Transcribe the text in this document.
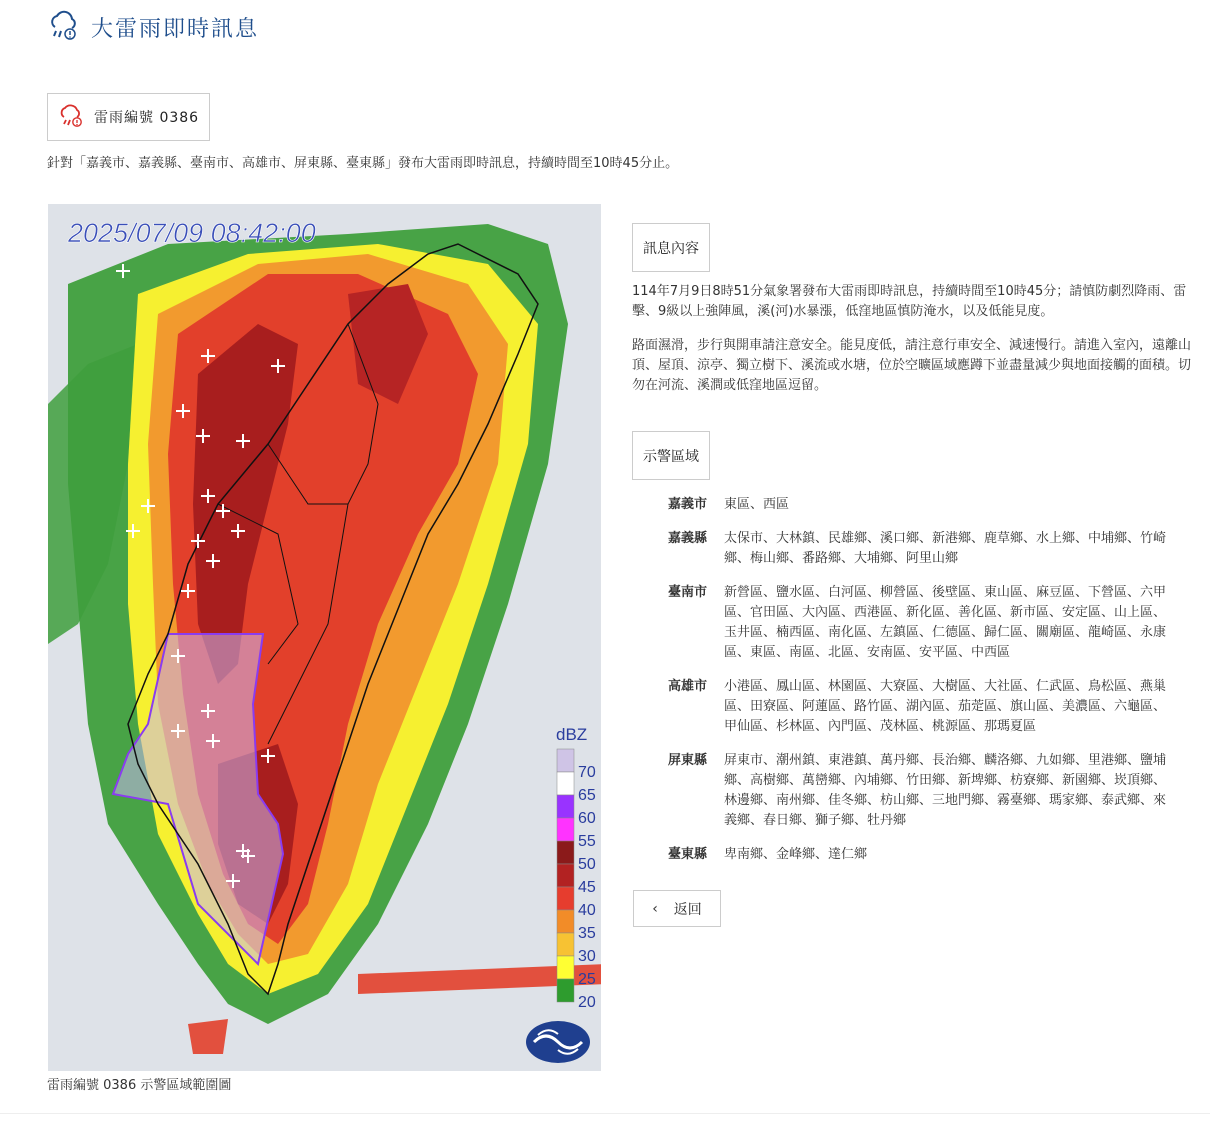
大雷雨即時訊息
雷雨編號 0386
針對「嘉義市、嘉義縣、臺南市、高雄市、屏東縣、臺東縣」發布大雷雨即時訊息，持續時間至10時45分止。
2025/07/09 08:42:00
dBZ
70
65
60
55
50
45
40
35
30
25
20
雷雨編號 0386 示警區域範圍圖
訊息內容
114年7月9日8時51分氣象署發布大雷雨即時訊息，持續時間至10時45分；請慎防劇烈降雨、雷擊、9級以上強陣風，溪(河)水暴漲，低窪地區慎防淹水，以及低能見度。
路面濕滑，步行與開車請注意安全。能見度低，請注意行車安全、減速慢行。請進入室內，遠離山頂、屋頂、涼亭、獨立樹下、溪流或水塘，位於空曠區域應蹲下並盡量減少與地面接觸的面積。切勿在河流、溪澗或低窪地區逗留。
示警區域
嘉義市	東區、西區
嘉義縣	太保市、大林鎮、民雄鄉、溪口鄉、新港鄉、鹿草鄉、水上鄉、中埔鄉、竹崎鄉、梅山鄉、番路鄉、大埔鄉、阿里山鄉
臺南市	新營區、鹽水區、白河區、柳營區、後壁區、東山區、麻豆區、下營區、六甲區、官田區、大內區、西港區、新化區、善化區、新市區、安定區、山上區、玉井區、楠西區、南化區、左鎮區、仁德區、歸仁區、關廟區、龍崎區、永康區、東區、南區、北區、安南區、安平區、中西區
高雄市	小港區、鳳山區、林園區、大寮區、大樹區、大社區、仁武區、鳥松區、燕巢區、田寮區、阿蓮區、路竹區、湖內區、茄萣區、旗山區、美濃區、六龜區、甲仙區、杉林區、內門區、茂林區、桃源區、那瑪夏區
屏東縣	屏東市、潮州鎮、東港鎮、萬丹鄉、長治鄉、麟洛鄉、九如鄉、里港鄉、鹽埔鄉、高樹鄉、萬巒鄉、內埔鄉、竹田鄉、新埤鄉、枋寮鄉、新園鄉、崁頂鄉、林邊鄉、南州鄉、佳冬鄉、枋山鄉、三地門鄉、霧臺鄉、瑪家鄉、泰武鄉、來義鄉、春日鄉、獅子鄉、牡丹鄉
臺東縣	卑南鄉、金峰鄉、達仁鄉
‹ 返回
